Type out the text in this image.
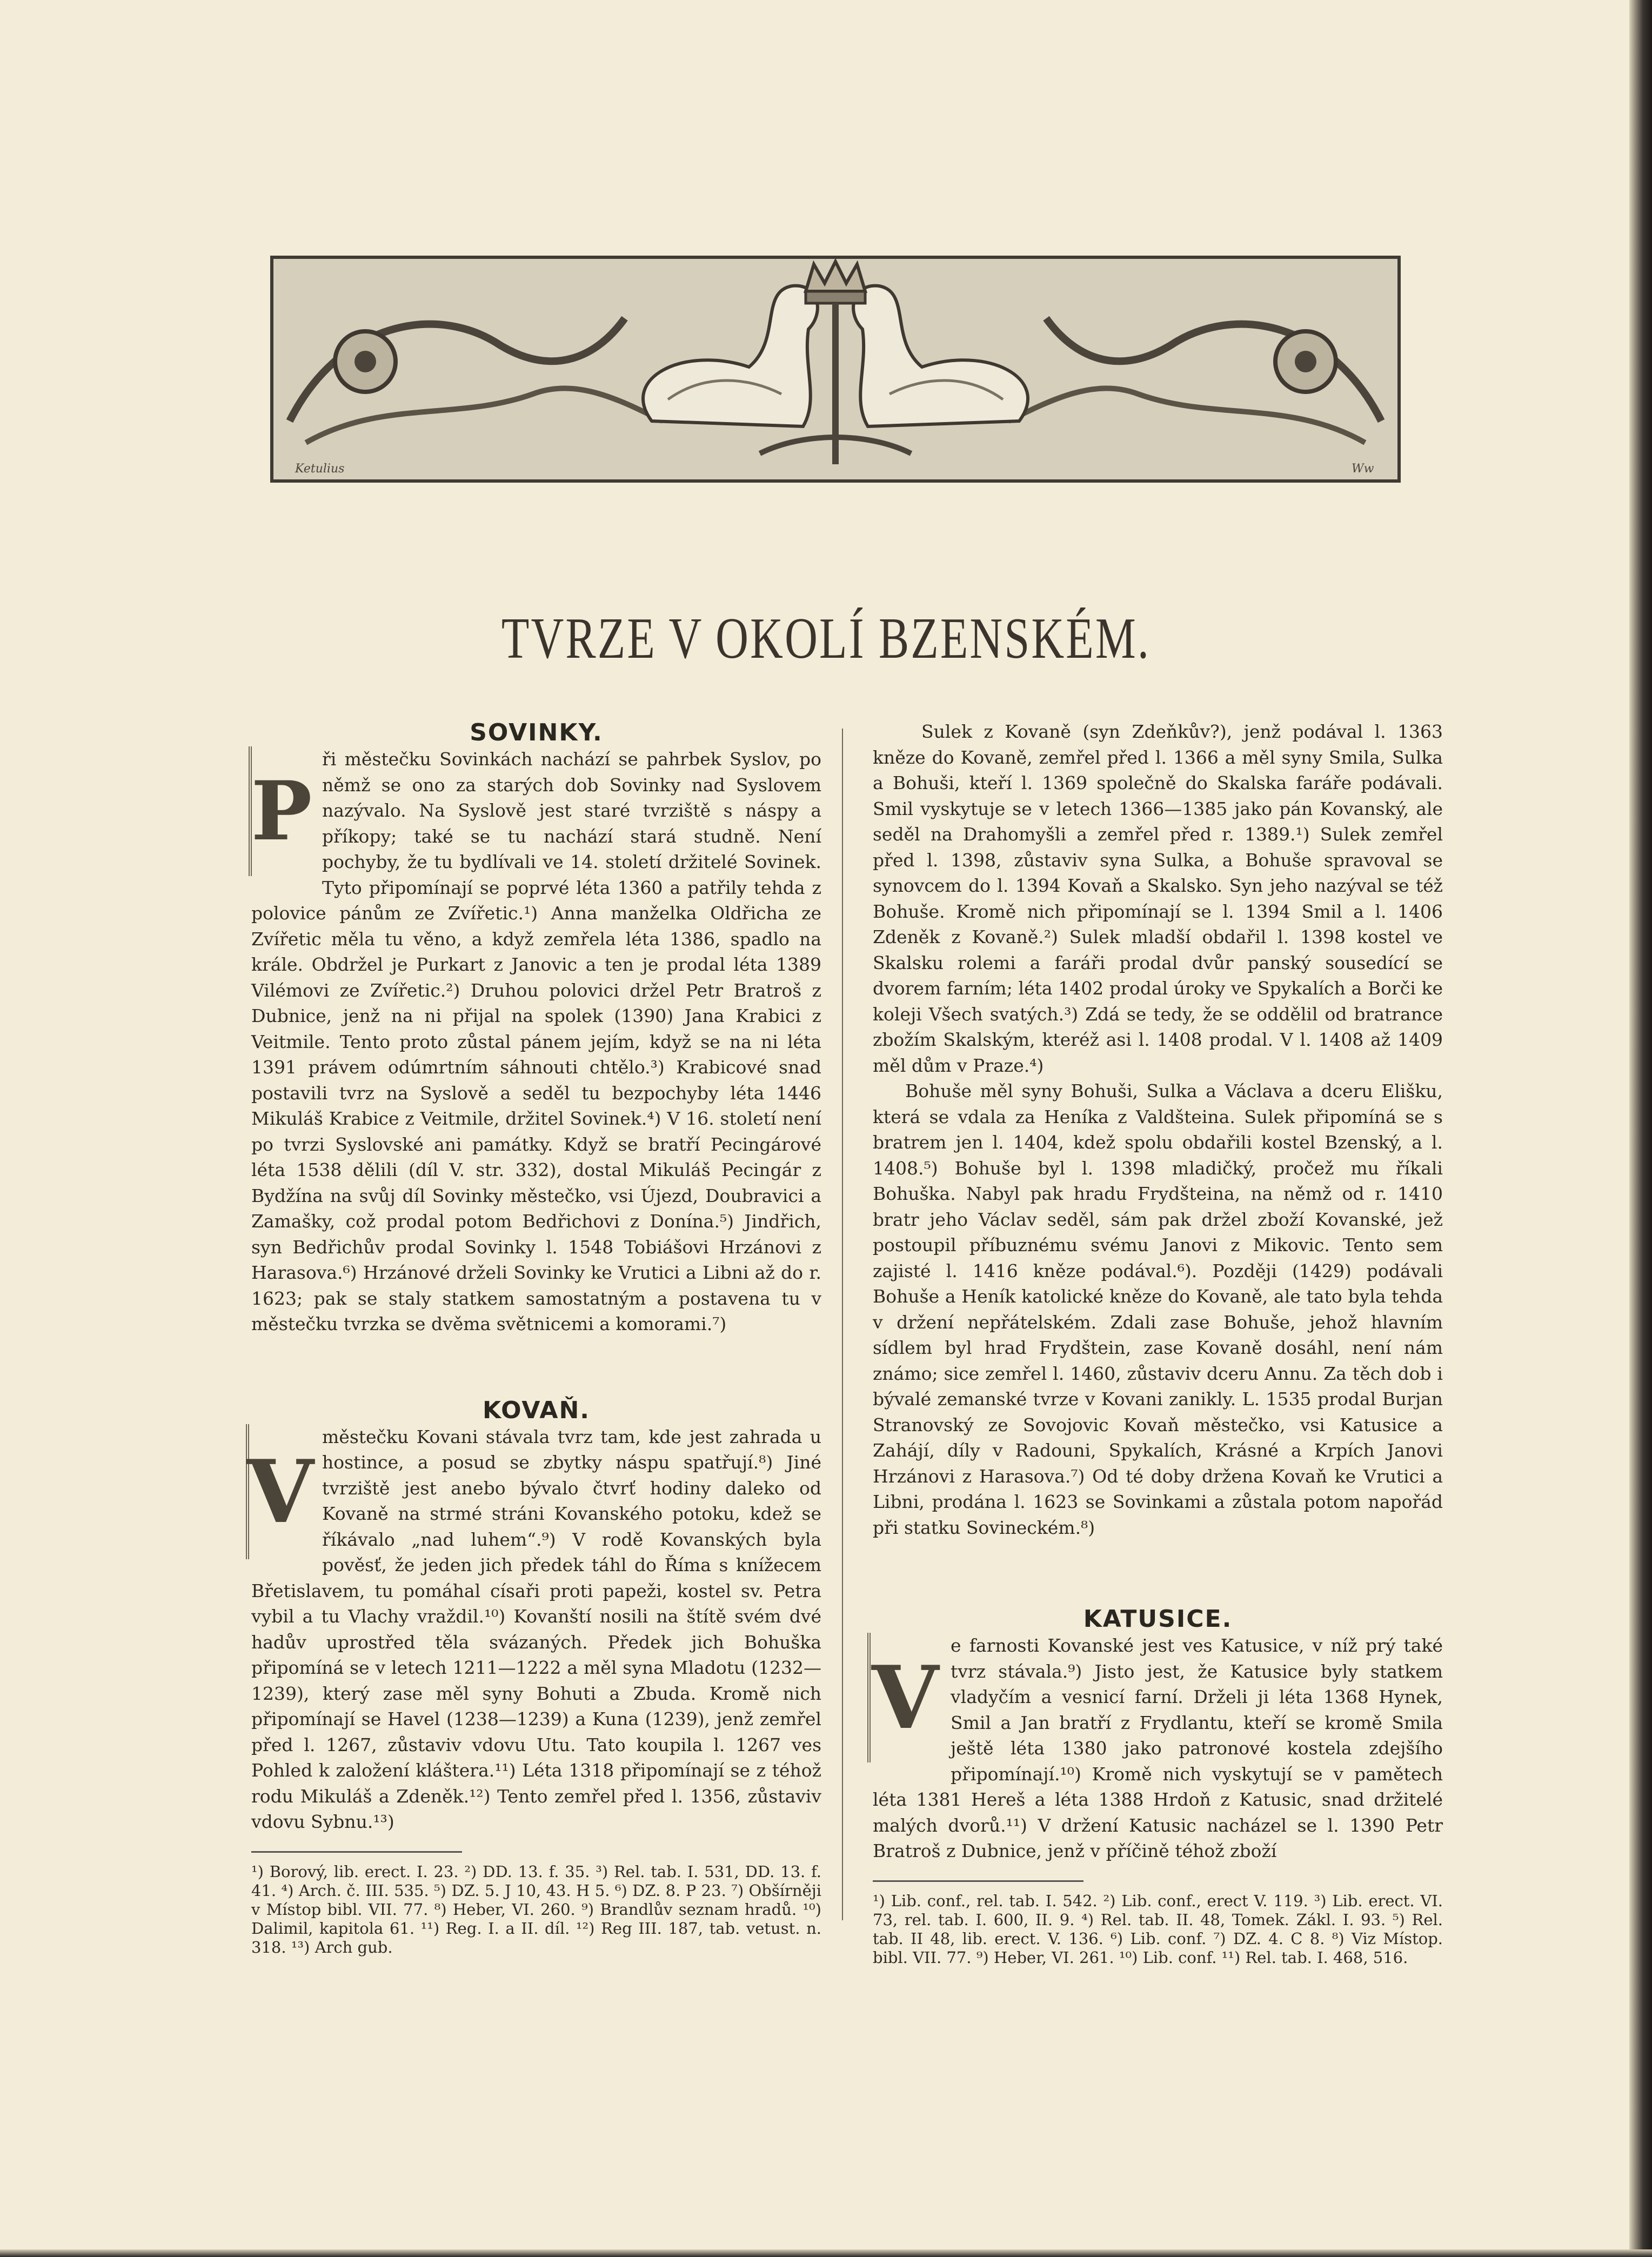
Ketulius	Ww
TVRZE V OKOLÍ BZENSKÉM.
SOVINKY.
P

ři městečku Sovinkách nachází se pahrbek Syslov, po němž se ono za starých dob Sovinky nad Syslovem nazývalo. Na Syslově jest staré tvrziště s náspy a příkopy; také se tu nachází stará studně. Není pochyby, že tu bydlívali ve 14. století držitelé Sovinek. Tyto připomínají se poprvé léta 1360 a patřily tehda z polovice pánům ze Zvířetic.¹) Anna manželka Oldřicha ze Zvířetic měla tu věno, a když zemřela léta 1386, spadlo na krále. Obdržel je Purkart z Janovic a ten je prodal léta 1389 Vilémovi ze Zvířetic.²) Druhou polovici držel Petr Bratroš z Dubnice, jenž na ni přijal na spolek (1390) Jana Krabici z Veitmile. Tento proto zůstal pánem jejím, když se na ni léta 1391 právem odúmrtním sáhnouti chtělo.³) Krabicové snad postavili tvrz na Syslově a seděl tu bezpochyby léta 1446 Mikuláš Krabice z Veitmile, držitel Sovinek.⁴) V 16. století není po tvrzi Syslovské ani památky. Když se bratří Pecingárové léta 1538 dělili (díl V. str. 332), dostal Mikuláš Pecingár z Bydžína na svůj díl Sovinky městečko, vsi Újezd, Doubravici a Zamašky, což prodal potom Bedřichovi z Donína.⁵) Jindřich, syn Bedřichův prodal Sovinky l. 1548 Tobiášovi Hrzánovi z Harasova.⁶) Hrzánové drželi Sovinky ke Vrutici a Libni až do r. 1623; pak se staly statkem samostatným a postavena tu v městečku tvrzka se dvěma světnicemi a komorami.⁷)

KOVAŇ.
V

městečku Kovani stávala tvrz tam, kde jest zahrada u hostince, a posud se zbytky náspu spatřují.⁸) Jiné tvrziště jest anebo bývalo čtvrť hodiny daleko od Kovaně na strmé stráni Kovanského potoku, kdež se říkávalo „nad luhem“.⁹) V rodě Kovanských byla pověsť, že jeden jich předek táhl do Říma s knížecem Břetislavem, tu pomáhal císaři proti papeži, kostel sv. Petra vybil a tu Vlachy vraždil.¹⁰) Kovanští nosili na štítě svém dvé hadův uprostřed těla svázaných. Předek jich Bohuška připomíná se v letech 1211—1222 a měl syna Mladotu (1232—1239), který zase měl syny Bohuti a Zbuda. Kromě nich připomínají se Havel (1238—1239) a Kuna (1239), jenž zemřel před l. 1267, zůstaviv vdovu Utu. Tato koupila l. 1267 ves Pohled k založení kláštera.¹¹) Léta 1318 připomínají se z téhož rodu Mikuláš a Zdeněk.¹²) Tento zemřel před l. 1356, zůstaviv vdovu Sybnu.¹³)

¹) Borový, lib. erect. I. 23. ²) DD. 13. f. 35. ³) Rel. tab. I. 531, DD. 13. f. 41. ⁴) Arch. č. III. 535. ⁵) DZ. 5. J 10, 43. H 5. ⁶) DZ. 8. P 23. ⁷) Obšírněji v Místop bibl. VII. 77. ⁸) Heber, VI. 260. ⁹) Brandlův seznam hradů. ¹⁰) Dalimil, kapitola 61. ¹¹) Reg. I. a II. díl. ¹²) Reg III. 187, tab. vetust. n. 318. ¹³) Arch gub.

Sulek z Kovaně (syn Zdeňkův?), jenž podával l. 1363 kněze do Kovaně, zemřel před l. 1366 a měl syny Smila, Sulka a Bohuši, kteří l. 1369 společně do Skalska faráře podávali. Smil vyskytuje se v letech 1366—1385 jako pán Kovanský, ale seděl na Drahomyšli a zemřel před r. 1389.¹) Sulek zemřel před l. 1398, zůstaviv syna Sulka, a Bohuše spravoval se synovcem do l. 1394 Kovaň a Skalsko. Syn jeho nazýval se též Bohuše. Kromě nich připomínají se l. 1394 Smil a l. 1406 Zdeněk z Kovaně.²) Sulek mladší obdařil l. 1398 kostel ve Skalsku rolemi a faráři prodal dvůr panský sousedící se dvorem farním; léta 1402 prodal úroky ve Spykalích a Borči ke koleji Všech svatých.³) Zdá se tedy, že se oddělil od bratrance zbožím Skalským, kteréž asi l. 1408 prodal. V l. 1408 až 1409 měl dům v Praze.⁴)

Bohuše měl syny Bohuši, Sulka a Václava a dceru Elišku, která se vdala za Heníka z Valdšteina. Sulek připomíná se s bratrem jen l. 1404, kdež spolu obdařili kostel Bzenský, a l. 1408.⁵) Bohuše byl l. 1398 mladičký, pročež mu říkali Bohuška. Nabyl pak hradu Frydšteina, na němž od r. 1410 bratr jeho Václav seděl, sám pak držel zboží Kovanské, jež postoupil příbuznému svému Janovi z Mikovic. Tento sem zajisté l. 1416 kněze podával.⁶). Později (1429) podávali Bohuše a Heník katolické kněze do Kovaně, ale tato byla tehda v držení nepřátelském. Zdali zase Bohuše, jehož hlavním sídlem byl hrad Frydštein, zase Kovaně dosáhl, není nám známo; sice zemřel l. 1460, zůstaviv dceru Annu. Za těch dob i bývalé zemanské tvrze v Kovani zanikly. L. 1535 prodal Burjan Stranovský ze Sovojovic Kovaň městečko, vsi Katusice a Zahájí, díly v Radouni, Spykalích, Krásné a Krpích Janovi Hrzánovi z Harasova.⁷) Od té doby držena Kovaň ke Vrutici a Libni, prodána l. 1623 se Sovinkami a zůstala potom napořád při statku Sovineckém.⁸)

KATUSICE.
V

e farnosti Kovanské jest ves Katusice, v níž prý také tvrz stávala.⁹) Jisto jest, že Katusice byly statkem vladyčím a vesnicí farní. Drželi ji léta 1368 Hynek, Smil a Jan bratří z Frydlantu, kteří se kromě Smila ještě léta 1380 jako patronové kostela zdejšího připomínají.¹⁰) Kromě nich vyskytují se v pamětech léta 1381 Hereš a léta 1388 Hrdoň z Katusic, snad držitelé malých dvorů.¹¹) V držení Katusic nacházel se l. 1390 Petr Bratroš z Dubnice, jenž v příčině téhož zboží

¹) Lib. conf., rel. tab. I. 542. ²) Lib. conf., erect V. 119. ³) Lib. erect. VI. 73, rel. tab. I. 600, II. 9. ⁴) Rel. tab. II. 48, Tomek. Zákl. I. 93. ⁵) Rel. tab. II 48, lib. erect. V. 136. ⁶) Lib. conf. ⁷) DZ. 4. C 8. ⁸) Viz Místop. bibl. VII. 77. ⁹) Heber, VI. 261. ¹⁰) Lib. conf. ¹¹) Rel. tab. I. 468, 516.
